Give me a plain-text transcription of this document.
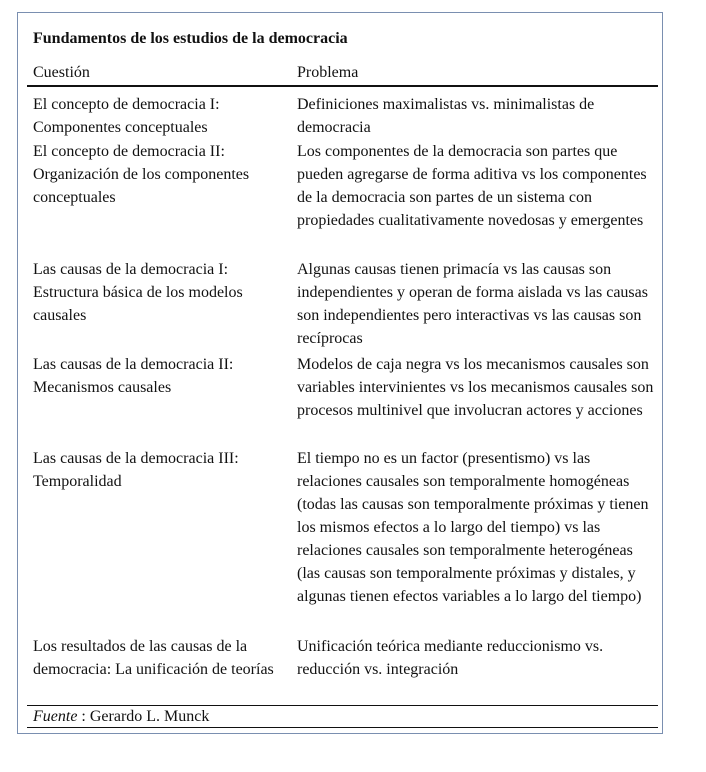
Fundamentos de los estudios de la democracia
Cuestión	Problema
El concepto de democracia I: Componentes conceptuales
Definiciones maximalistas vs. minimalistas de democracia
El concepto de democracia II: Organización de los componentes conceptuales
Los componentes de la democracia son partes que pueden agregarse de forma aditiva vs los componentes de la democracia son partes de un sistema con propiedades cualitativamente novedosas y emergentes
Las causas de la democracia I: Estructura básica de los modelos causales
Algunas causas tienen primacía vs las causas son independientes y operan de forma aislada vs las causas son independientes pero interactivas vs las causas son recíprocas
Las causas de la democracia II: Mecanismos causales
Modelos de caja negra vs los mecanismos causales son variables intervinientes vs los mecanismos causales son procesos multinivel que involucran actores y acciones
Las causas de la democracia III: Temporalidad
El tiempo no es un factor (presentismo) vs las relaciones causales son temporalmente homogéneas (todas las causas son temporalmente próximas y tienen los mismos efectos a lo largo del tiempo) vs las relaciones causales son temporalmente heterogéneas (las causas son temporalmente próximas y distales, y algunas tienen efectos variables a lo largo del tiempo)
Los resultados de las causas de la democracia: La unificación de teorías
Unificación teórica mediante reduccionismo vs. reducción vs. integración
Fuente : Gerardo L. Munck
